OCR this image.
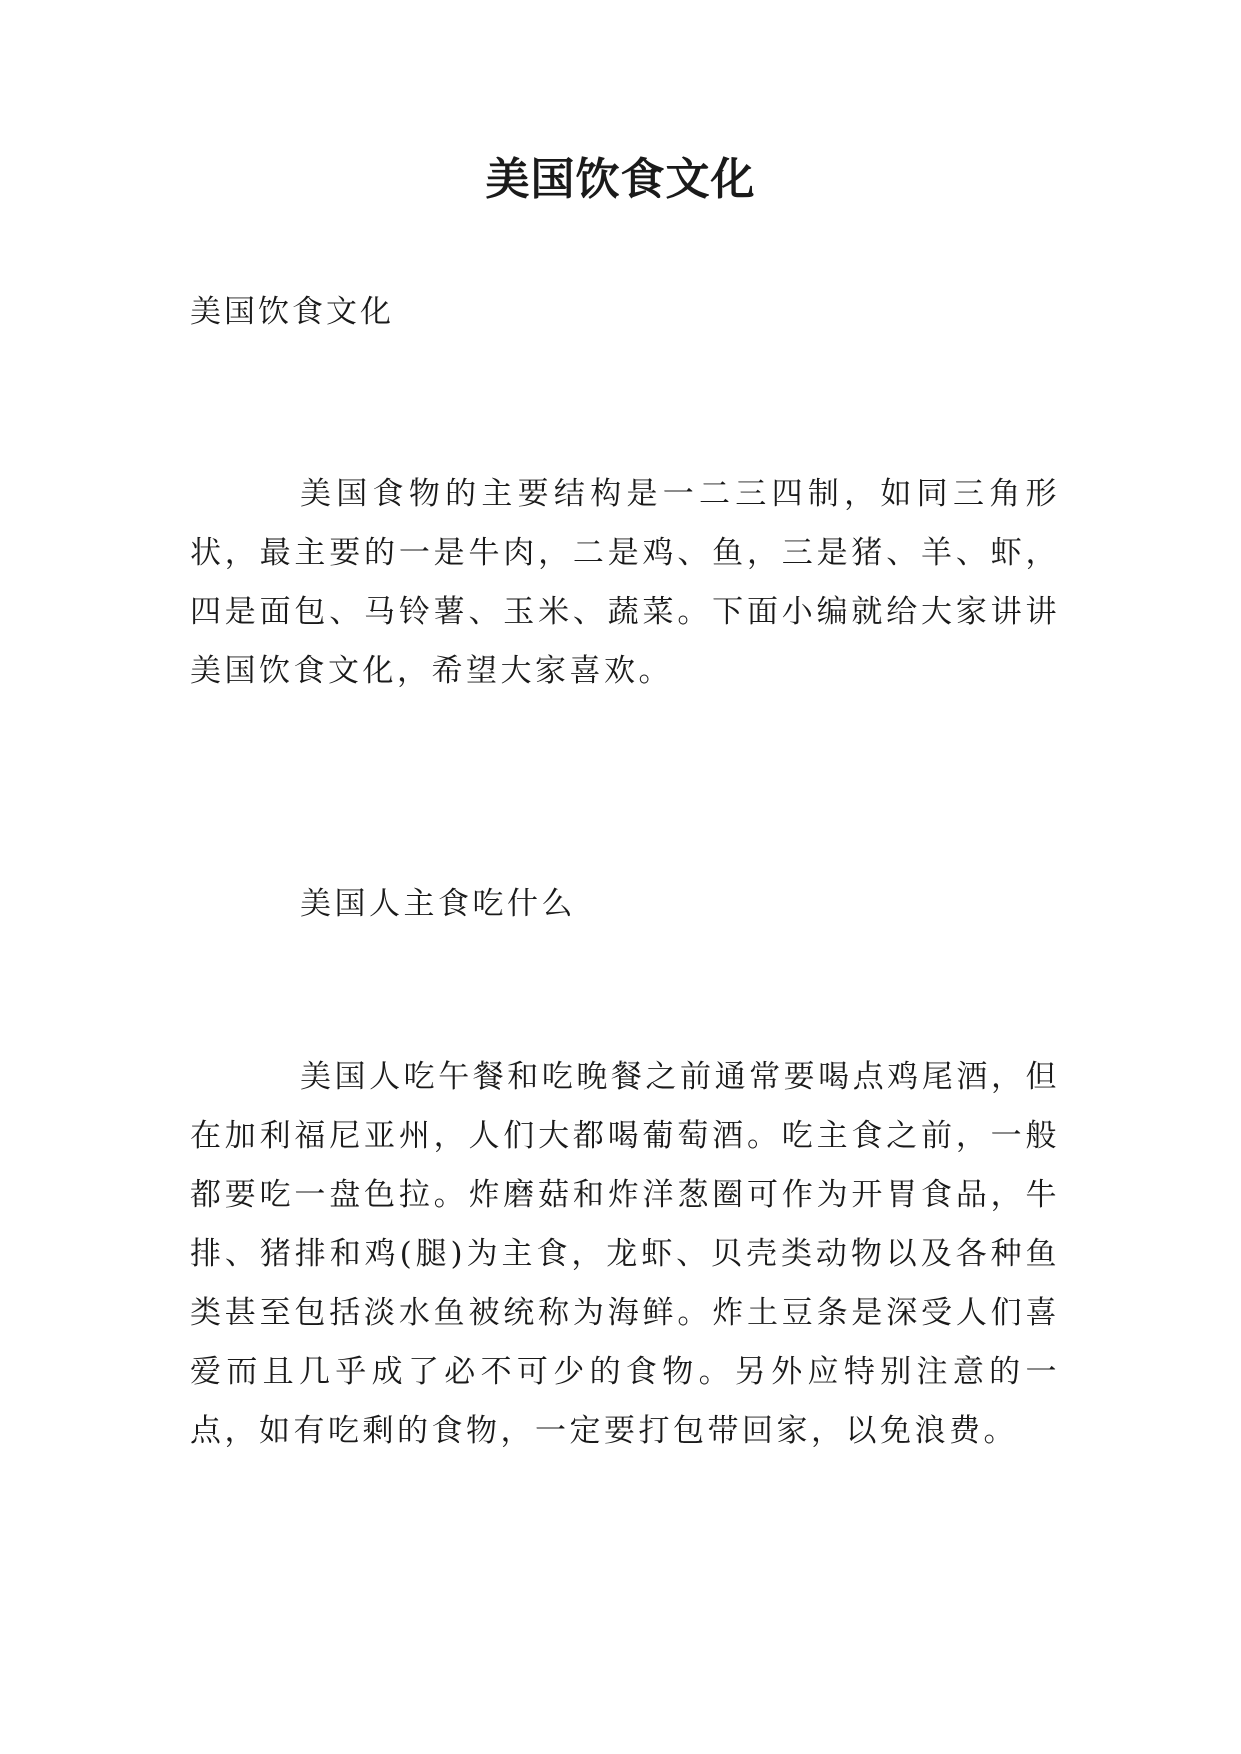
美国饮食文化

美国饮食文化

美国食物的主要结构是一二三四制，如同三角形状，最主要的一是牛肉，二是鸡、鱼，三是猪、羊、虾，四是面包、马铃薯、玉米、蔬菜。下面小编就给大家讲讲美国饮食文化，希望大家喜欢。

美国人主食吃什么

美国人吃午餐和吃晚餐之前通常要喝点鸡尾酒，但在加利福尼亚州，人们大都喝葡萄酒。吃主食之前，一般都要吃一盘色拉。炸磨菇和炸洋葱圈可作为开胃食品，牛排、猪排和鸡(腿)为主食，龙虾、贝壳类动物以及各种鱼类甚至包括淡水鱼被统称为海鲜。炸土豆条是深受人们喜爱而且几乎成了必不可少的食物。另外应特别注意的一点，如有吃剩的食物，一定要打包带回家，以免浪费。
